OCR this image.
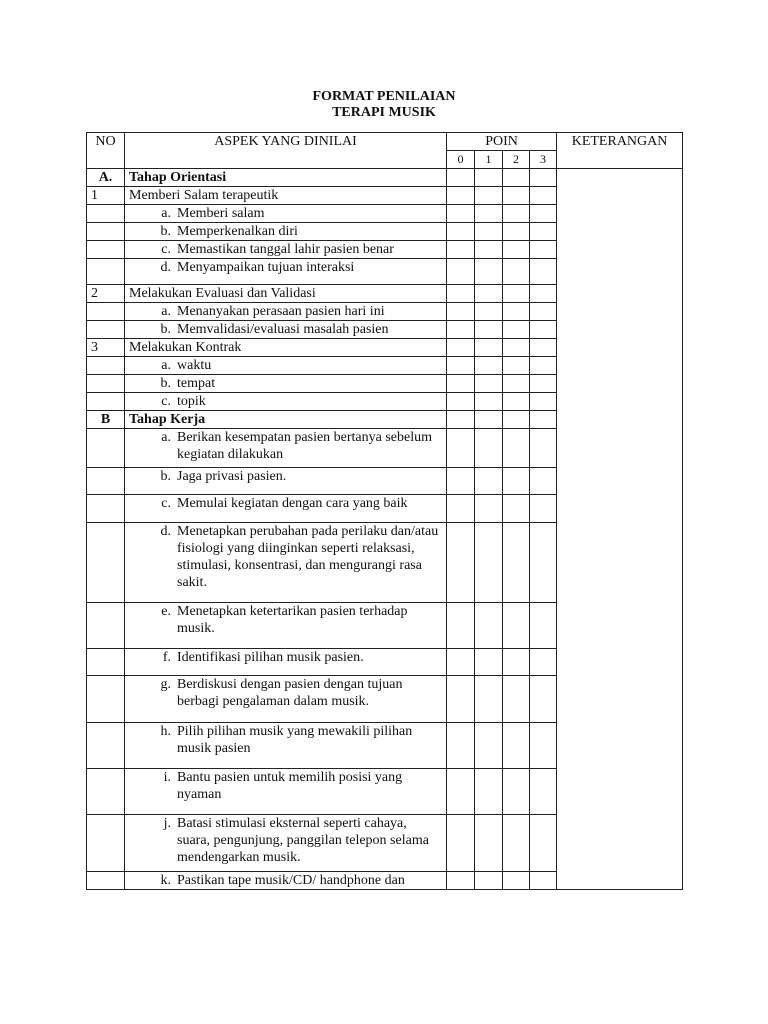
FORMAT PENILAIAN
TERAPI MUSIK
NO	ASPEK YANG DINILAI	POIN				KETERANGAN
		0	1	2	3	
A.	Tahap Orientasi					
1	Memberi Salam terapeutik					

	a. Memberi salam					

	b. Memperkenalkan diri					

	c. Memastikan tanggal lahir pasien benar					

	d. Menyampaikan tujuan interaksi					

2	Melakukan Evaluasi dan Validasi					

	a. Menanyakan perasaan pasien hari ini					

	b. Memvalidasi/evaluasi masalah pasien					

3	Melakukan Kontrak					

	a. waktu					

	b. tempat					

	c. topik					

B	Tahap Kerja					

	a. Berikan kesempatan pasien bertanya sebelum kegiatan dilakukan					

	b. Jaga privasi pasien.					

	c. Memulai kegiatan dengan cara yang baik					

	d. Menetapkan perubahan pada perilaku dan/atau fisiologi yang diinginkan seperti relaksasi, stimulasi, konsentrasi, dan mengurangi rasa sakit.					

	e. Menetapkan ketertarikan pasien terhadap musik.					

	f. Identifikasi pilihan musik pasien.					

	g. Berdiskusi dengan pasien dengan tujuan berbagi pengalaman dalam musik.					

	h. Pilih pilihan musik yang mewakili pilihan musik pasien					

	i. Bantu pasien untuk memilih posisi yang nyaman					

	j. Batasi stimulasi eksternal seperti cahaya, suara, pengunjung, panggilan telepon selama mendengarkan musik.					

	k. Pastikan tape musik/CD/ handphone dan					
